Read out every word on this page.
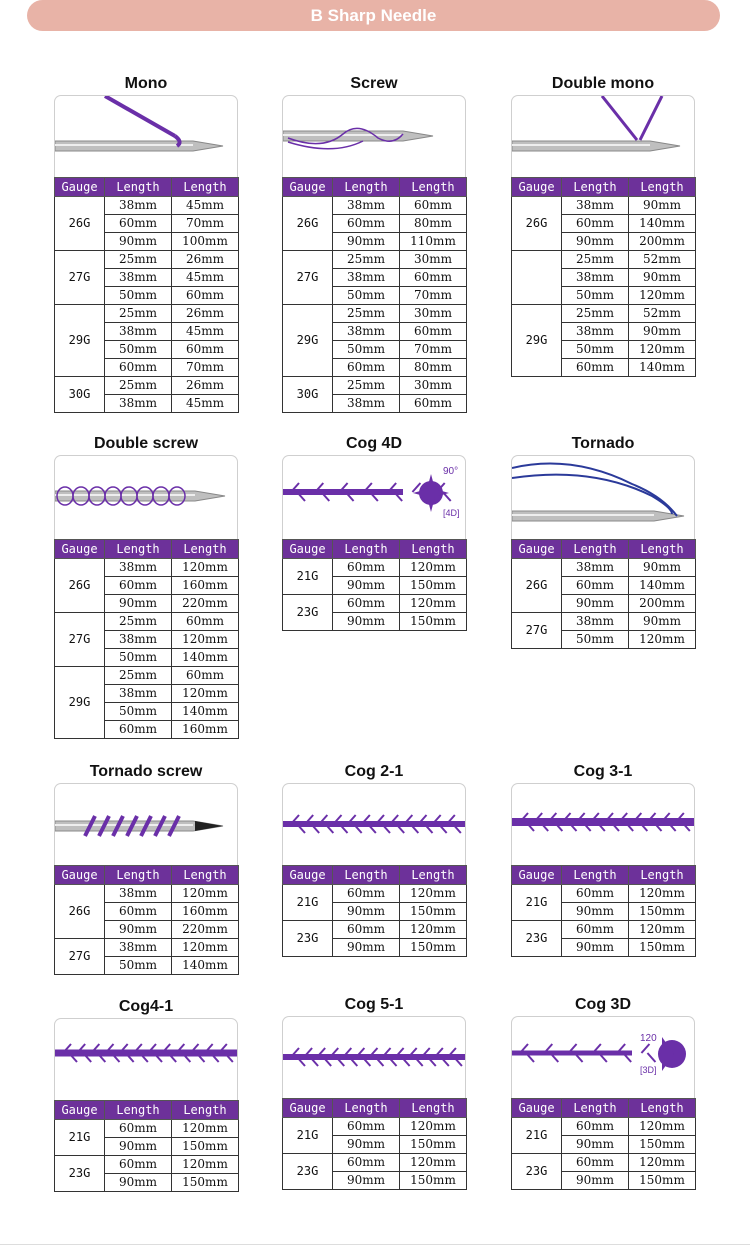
B Sharp Needle
Mono
Gauge	Length	Length
26G	38mm	45mm
	60mm	70mm
	90mm	100mm
27G	25mm	26mm
	38mm	45mm
	50mm	60mm
29G	25mm	26mm
	38mm	45mm
	50mm	60mm
	60mm	70mm
30G	25mm	26mm
	38mm	45mm
Screw
Gauge	Length	Length
26G	38mm	60mm
	60mm	80mm
	90mm	110mm
27G	25mm	30mm
	38mm	60mm
	50mm	70mm
29G	25mm	30mm
	38mm	60mm
	50mm	70mm
	60mm	80mm
30G	25mm	30mm
	38mm	60mm
Double mono
Gauge	Length	Length
26G	38mm	90mm
	60mm	140mm
	90mm	200mm
	25mm	52mm
	38mm	90mm
	50mm	120mm
29G	25mm	52mm
	38mm	90mm
	50mm	120mm
	60mm	140mm
Double screw
Gauge	Length	Length
26G	38mm	120mm
	60mm	160mm
	90mm	220mm
27G	25mm	60mm
	38mm	120mm
	50mm	140mm
29G	25mm	60mm
	38mm	120mm
	50mm	140mm
	60mm	160mm
Cog 4D
90°
[4D]
Gauge	Length	Length
21G	60mm	120mm
	90mm	150mm
23G	60mm	120mm
	90mm	150mm
Tornado
Gauge	Length	Length
26G	38mm	90mm
	60mm	140mm
	90mm	200mm
27G	38mm	90mm
	50mm	120mm
Tornado screw
Gauge	Length	Length
26G	38mm	120mm
	60mm	160mm
	90mm	220mm
27G	38mm	120mm
	50mm	140mm
Cog 2-1
Gauge	Length	Length
21G	60mm	120mm
	90mm	150mm
23G	60mm	120mm
	90mm	150mm
Cog 3-1
Gauge	Length	Length
21G	60mm	120mm
	90mm	150mm
23G	60mm	120mm
	90mm	150mm
Cog4-1
Gauge	Length	Length
21G	60mm	120mm
	90mm	150mm
23G	60mm	120mm
	90mm	150mm
Cog 5-1
Gauge	Length	Length
21G	60mm	120mm
	90mm	150mm
23G	60mm	120mm
	90mm	150mm
Cog 3D
120
[3D]
Gauge	Length	Length
21G	60mm	120mm
	90mm	150mm
23G	60mm	120mm
	90mm	150mm
